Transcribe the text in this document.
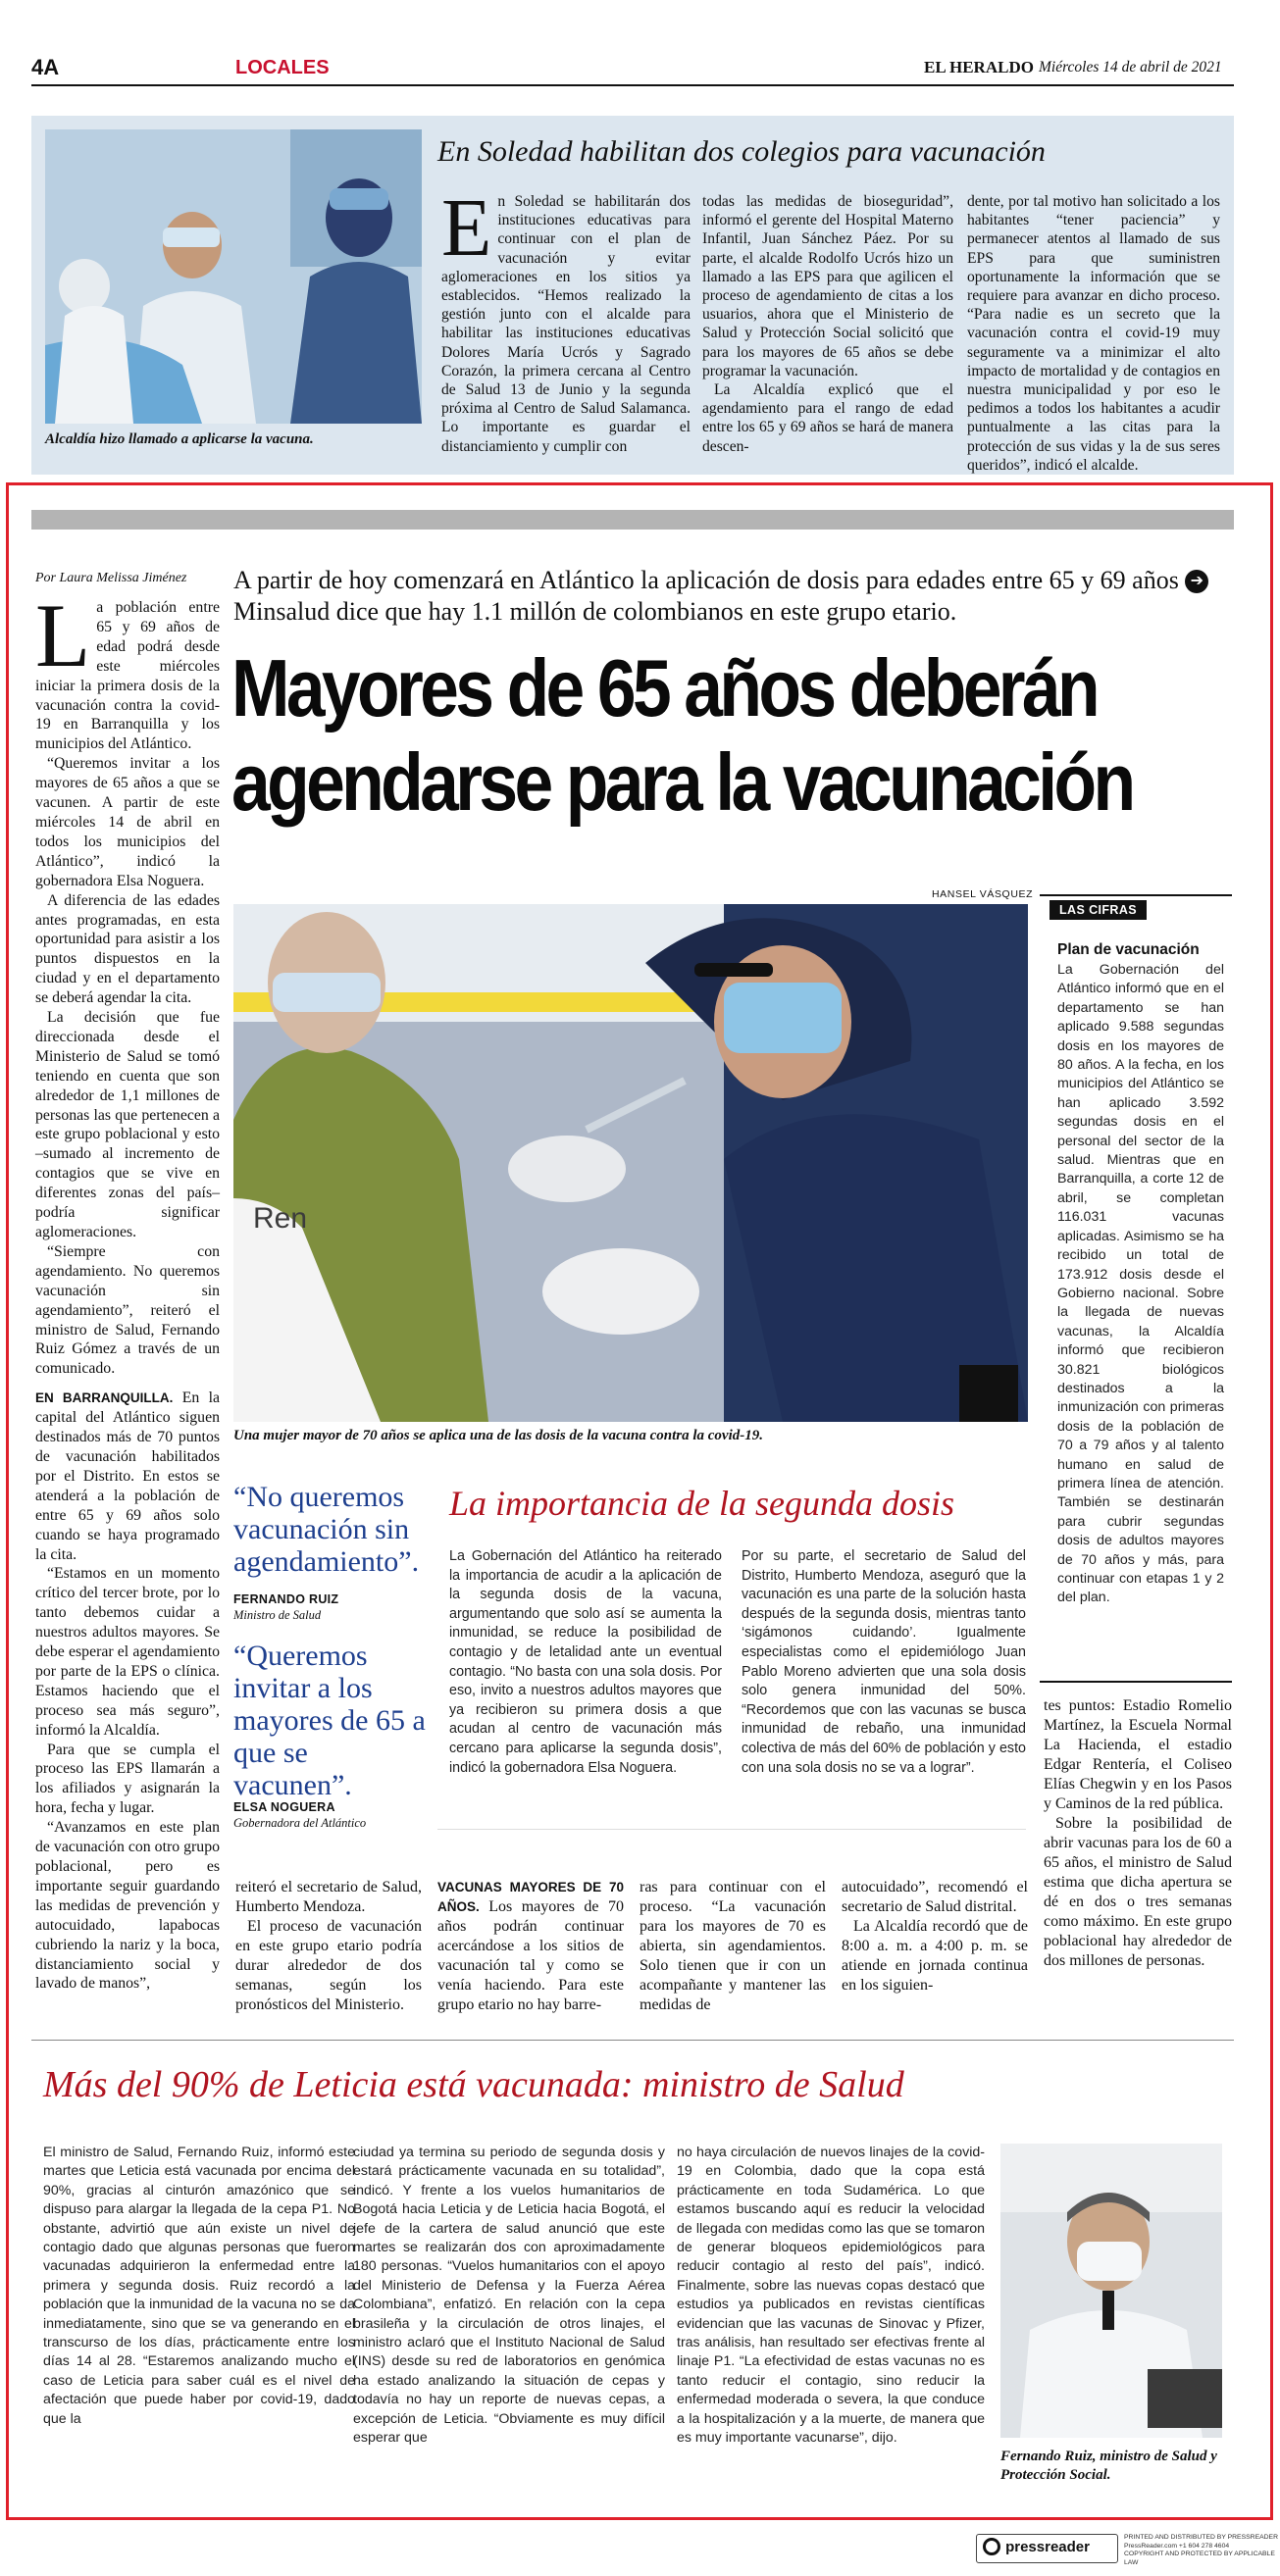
4A	LOCALES	EL HERALDO Miércoles 14 de abril de 2021
Alcaldía hizo llamado a aplicarse la vacuna.
En Soledad habilitan dos colegios para vacunación
En Soledad se habilitarán dos instituciones educativas para continuar con el plan de vacunación y evitar aglomeraciones en los sitios ya establecidos. “Hemos realizado la gestión junto con el alcalde para habilitar las instituciones educativas Dolores María Ucrós y Sagrado Corazón, la primera cercana al Centro de Salud 13 de Junio y la segunda próxima al Centro de Salud Salamanca. Lo importante es guardar el distanciamiento y cumplir con

todas las medidas de bioseguridad”, informó el gerente del Hospital Materno Infantil, Juan Sánchez Páez. Por su parte, el alcalde Rodolfo Ucrós hizo un llamado a las EPS para que agilicen el proceso de agendamiento de citas a los usuarios, ahora que el Ministerio de Salud y Protección Social solicitó que para los mayores de 65 años se debe programar la vacunación.

La Alcaldía explicó que el agendamiento para el rango de edad entre los 65 y 69 años se hará de manera descen-

dente, por tal motivo han solicitado a los habitantes “tener paciencia” y permanecer atentos al llamado de sus EPS para que suministren oportunamente la información que se requiere para avanzar en dicho proceso. “Para nadie es un secreto que la vacunación contra el covid-19 muy seguramente va a minimizar el alto impacto de mortalidad y de contagios en nuestra municipalidad y por eso le pedimos a todos los habitantes a acudir puntualmente a las citas para la protección de sus vidas y la de sus seres queridos”, indicó el alcalde.

Por Laura Melissa Jiménez A partir de hoy comenzará en Atlántico la aplicación de dosis para edades entre 65 y 69 años ➔ Minsalud dice que hay 1.1 millón de colombianos en este grupo etario.
Mayores de 65 años deberán
agendarse para la vacunación

La población entre 65 y 69 años de edad podrá desde este miércoles iniciar la primera dosis de la vacunación contra la covid-19 en Barranquilla y los municipios del Atlántico.

“Queremos invitar a los mayores de 65 años a que se vacunen. A partir de este miércoles 14 de abril en todos los municipios del Atlántico”, indicó la gobernadora Elsa Noguera.

A diferencia de las edades antes programadas, en esta oportunidad para asistir a los puntos dispuestos en la ciudad y en el departamento se deberá agendar la cita.

La decisión que fue direccionada desde el Ministerio de Salud se tomó teniendo en cuenta que son alrededor de 1,1 millones de personas las que pertenecen a este grupo poblacional y esto –sumado al incremento de contagios que se vive en diferentes zonas del país– podría significar aglomeraciones.

“Siempre con agendamiento. No queremos vacunación sin agendamiento”, reiteró el ministro de Salud, Fernando Ruiz Gómez a través de un comunicado.

EN BARRANQUILLA. En la capital del Atlántico siguen destinados más de 70 puntos de vacunación habilitados por el Distrito. En estos se atenderá a la población de entre 65 y 69 años solo cuando se haya programado la cita.

“Estamos en un momento crítico del tercer brote, por lo tanto debemos cuidar a nuestros adultos mayores. Se debe esperar el agendamiento por parte de la EPS o clínica. Estamos haciendo que el proceso sea más seguro”, informó la Alcaldía.

Para que se cumpla el proceso las EPS llamarán a los afiliados y asignarán la hora, fecha y lugar.

“Avanzamos en este plan de vacunación con otro grupo poblacional, pero es importante seguir guardando las medidas de prevención y autocuidado, lapabocas cubriendo la nariz y la boca, distanciamiento social y lavado de manos”,

HANSEL VÁSQUEZ
Ren
Una mujer mayor de 70 años se aplica una de las dosis de la vacuna contra la covid-19.
LAS CIFRAS
Plan de vacunación

La Gobernación del Atlántico informó que en el departamento se han aplicado 9.588 segundas dosis en los mayores de 80 años. A la fecha, en los municipios del Atlántico se han aplicado 3.592 segundas dosis en el personal del sector de la salud. Mientras que en Barranquilla, a corte 12 de abril, se completan 116.031 vacunas aplicadas. Asimismo se ha recibido un total de 173.912 dosis desde el Gobierno nacional. Sobre la llegada de nuevas vacunas, la Alcaldía informó que recibieron 30.821 biológicos destinados a la inmunización con primeras dosis de la población de 70 a 79 años y al talento humano en salud de primera línea de atención. También se destinarán para cubrir segundas dosis de adultos mayores de 70 años y más, para continuar con etapas 1 y 2 del plan.

“No queremos vacunación sin agendamiento”.
FERNANDO RUIZ
Ministro de Salud
“Queremos invitar a los mayores de 65 a que se vacunen”.
ELSA NOGUERA
Gobernadora del Atlántico
La importancia de la segunda dosis

La Gobernación del Atlántico ha reiterado la importancia de acudir a la aplicación de la segunda dosis de la vacuna, argumentando que solo así se aumenta la inmunidad, se reduce la posibilidad de contagio y de letalidad ante un eventual contagio. “No basta con una sola dosis. Por eso, invito a nuestros adultos mayores que ya recibieron su primera dosis a que acudan al centro de vacunación más cercano para aplicarse la segunda dosis”, indicó la gobernadora Elsa Noguera.

Por su parte, el secretario de Salud del Distrito, Humberto Mendoza, aseguró que la vacunación es una parte de la solución hasta después de la segunda dosis, mientras tanto ‘sigámonos cuidando’. Igualmente especialistas como el epidemiólogo Juan Pablo Moreno advierten que una sola dosis solo genera inmunidad del 50%. “Recordemos que con las vacunas se busca inmunidad de rebaño, una inmunidad colectiva de más del 60% de población y esto con una sola dosis no se va a lograr”.

reiteró el secretario de Salud, Humberto Mendoza.

El proceso de vacunación en este grupo etario podría durar alrededor de dos semanas, según los pronósticos del Ministerio.

VACUNAS MAYORES DE 70 AÑOS. Los mayores de 70 años podrán continuar acercándose a los sitios de vacunación tal y como se venía haciendo. Para este grupo etario no hay barre-

ras para continuar con el proceso. “La vacunación para los mayores de 70 es abierta, sin agendamientos. Solo tienen que ir con un acompañante y mantener las medidas de

autocuidado”, recomendó el secretario de Salud distrital.

La Alcaldía recordó que de 8:00 a. m. a 4:00 p. m. se atiende en jornada continua en los siguien-

tes puntos: Estadio Romelio Martínez, la Escuela Normal La Hacienda, el estadio Edgar Rentería, el Coliseo Elías Chegwin y en los Pasos y Caminos de la red pública.

Sobre la posibilidad de abrir vacunas para los de 60 a 65 años, el ministro de Salud estima que dicha apertura se dé en dos o tres semanas como máximo. En este grupo poblacional hay alrededor de dos millones de personas.

Más del 90% de Leticia está vacunada: ministro de Salud

El ministro de Salud, Fernando Ruiz, informó este martes que Leticia está vacunada por encima del 90%, gracias al cinturón amazónico que se dispuso para alargar la llegada de la cepa P1. No obstante, advirtió que aún existe un nivel de contagio dado que algunas personas que fueron vacunadas adquirieron la enfermedad entre la primera y segunda dosis. Ruiz recordó a la población que la inmunidad de la vacuna no se da inmediatamente, sino que se va generando en el transcurso de los días, prácticamente entre los días 14 al 28. “Estaremos analizando mucho el caso de Leticia para saber cuál es el nivel de afectación que puede haber por covid-19, dado que la

ciudad ya termina su periodo de segunda dosis y estará prácticamente vacunada en su totalidad”, indicó. Y frente a los vuelos humanitarios de Bogotá hacia Leticia y de Leticia hacia Bogotá, el jefe de la cartera de salud anunció que este martes se realizarán dos con aproximadamente 180 personas. “Vuelos humanitarios con el apoyo del Ministerio de Defensa y la Fuerza Aérea Colombiana”, enfatizó. En relación con la cepa brasileña y la circulación de otros linajes, el ministro aclaró que el Instituto Nacional de Salud (INS) desde su red de laboratorios en genómica ha estado analizando la situación de cepas y todavía no hay un reporte de nuevas cepas, a excepción de Leticia. “Obviamente es muy difícil esperar que

no haya circulación de nuevos linajes de la covid-19 en Colombia, dado que la copa está prácticamente en toda Sudamérica. Lo que estamos buscando aquí es reducir la velocidad de llegada con medidas como las que se tomaron de generar bloqueos epidemiológicos para reducir contagio al resto del país”, indicó. Finalmente, sobre las nuevas copas destacó que estudios ya publicados en revistas científicas evidencian que las vacunas de Sinovac y Pfizer, tras análisis, han resultado ser efectivas frente al linaje P1. “La efectividad de estas vacunas no es tanto reducir el contagio, sino reducir la enfermedad moderada o severa, la que conduce a la hospitalización y a la muerte, de manera que es muy importante vacunarse”, dijo.

Fernando Ruiz, ministro de Salud y Protección Social.
pressreader
PRINTED AND DISTRIBUTED BY PRESSREADER
PressReader.com +1 604 278 4604
COPYRIGHT AND PROTECTED BY APPLICABLE LAW
